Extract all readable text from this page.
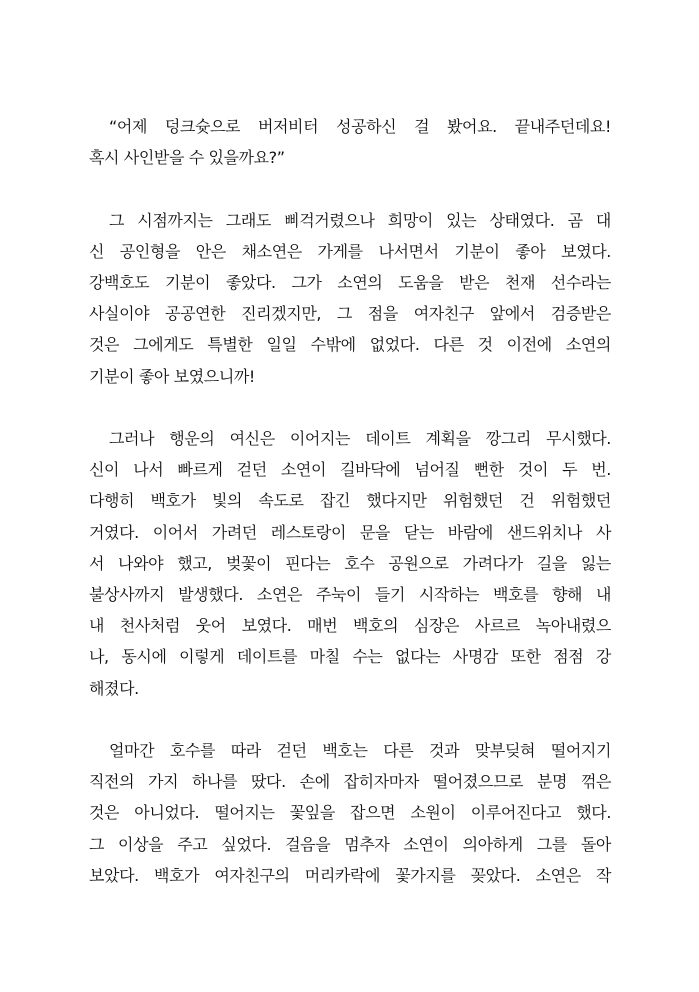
“어제 덩크슛으로 버저비터 성공하신 걸 봤어요. 끝내주던데요!
혹시 사인받을 수 있을까요?”
그 시점까지는 그래도 삐걱거렸으나 희망이 있는 상태였다. 곰 대
신 공인형을 안은 채소연은 가게를 나서면서 기분이 좋아 보였다.
강백호도 기분이 좋았다. 그가 소연의 도움을 받은 천재 선수라는
사실이야 공공연한 진리겠지만, 그 점을 여자친구 앞에서 검증받은
것은 그에게도 특별한 일일 수밖에 없었다. 다른 것 이전에 소연의
기분이 좋아 보였으니까!
그러나 행운의 여신은 이어지는 데이트 계획을 깡그리 무시했다.
신이 나서 빠르게 걷던 소연이 길바닥에 넘어질 뻔한 것이 두 번.
다행히 백호가 빛의 속도로 잡긴 했다지만 위험했던 건 위험했던
거였다. 이어서 가려던 레스토랑이 문을 닫는 바람에 샌드위치나 사
서 나와야 했고, 벚꽃이 핀다는 호수 공원으로 가려다가 길을 잃는
불상사까지 발생했다. 소연은 주눅이 들기 시작하는 백호를 향해 내
내 천사처럼 웃어 보였다. 매번 백호의 심장은 사르르 녹아내렸으
나, 동시에 이렇게 데이트를 마칠 수는 없다는 사명감 또한 점점 강
해졌다.
얼마간 호수를 따라 걷던 백호는 다른 것과 맞부딪혀 떨어지기
직전의 가지 하나를 땄다. 손에 잡히자마자 떨어졌으므로 분명 꺾은
것은 아니었다. 떨어지는 꽃잎을 잡으면 소원이 이루어진다고 했다.
그 이상을 주고 싶었다. 걸음을 멈추자 소연이 의아하게 그를 돌아
보았다. 백호가 여자친구의 머리카락에 꽃가지를 꽂았다. 소연은 작
